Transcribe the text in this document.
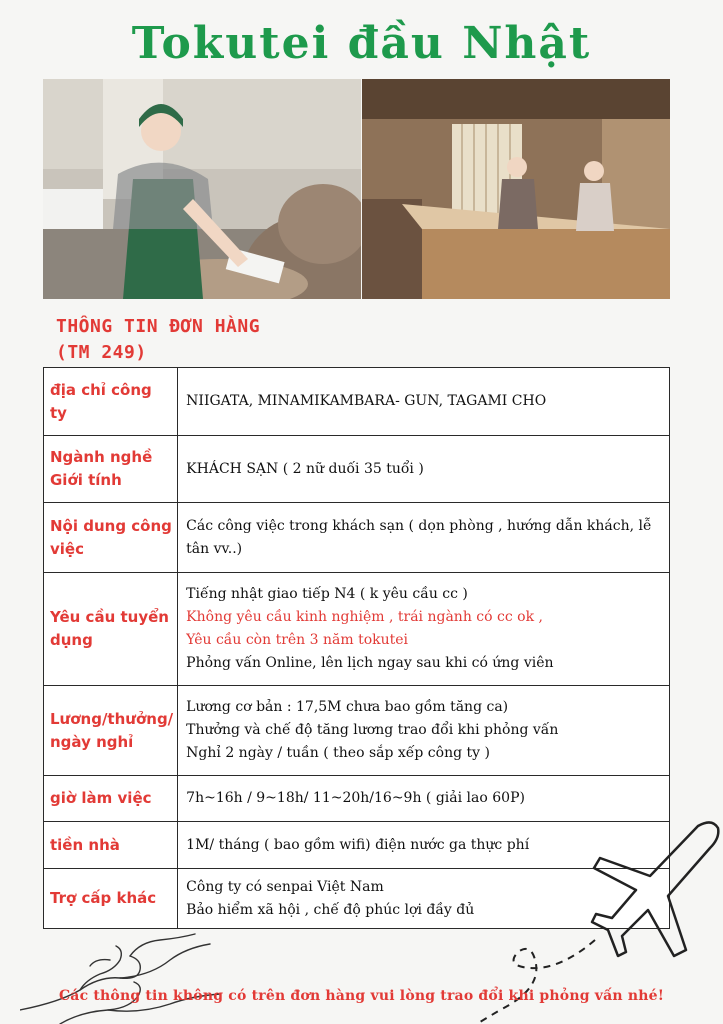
Tokutei đầu Nhật
THÔNG TIN ĐƠN HÀNG
(TM 249)
địa chỉ công ty	NIIGATA, MINAMIKAMBARA- GUN, TAGAMI CHO

Ngành nghề Giới tính	KHÁCH SẠN ( 2 nữ duối 35 tuổi )

Nội dung công việc	Các công việc trong khách sạn ( dọn phòng , hướng dẫn khách, lễ tân vv..)

Yêu cầu tuyển dụng	Tiếng nhật giao tiếp N4 ( k yêu cầu cc )
Không yêu cầu kinh nghiệm , trái ngành có cc ok ,
Yêu cầu còn trên 3 năm tokutei
Phỏng vấn Online, lên lịch ngay sau khi có ứng viên

Lương/thưởng/ ngày nghỉ	Lương cơ bản : 17,5M chưa bao gồm tăng ca)
Thưởng và chế độ tăng lương trao đổi khi phỏng vấn
Nghỉ 2 ngày / tuần ( theo sắp xếp công ty )

giờ làm việc	7h~16h / 9~18h/ 11~20h/16~9h ( giải lao 60P)

tiền nhà	1M/ tháng ( bao gồm wifi) điện nước ga thực phí

Trợ cấp khác	Công ty có senpai Việt Nam
Bảo hiểm xã hội , chế độ phúc lợi đầy đủ
Các thông tin không có trên đơn hàng vui lòng trao đổi khi phỏng vấn nhé!
